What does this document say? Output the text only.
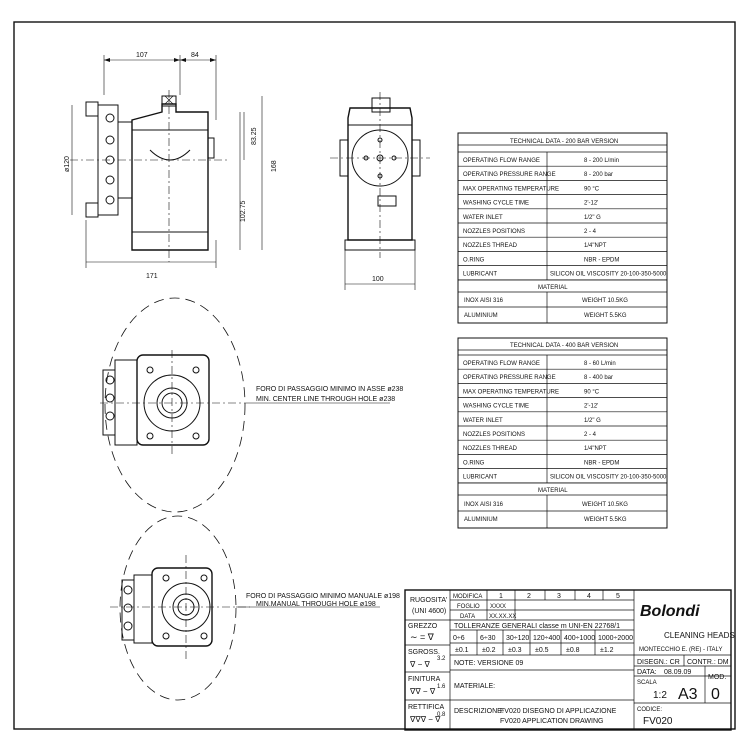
107	84
ø120
83.25
102.75
168
171	100
FORO DI PASSAGGIO MINIMO IN ASSE ø238
MIN. CENTER LINE THROUGH HOLE ø238
FORO DI PASSAGGIO MINIMO MANUALE ø198
MIN.MANUAL THROUGH HOLE ø198
TECHNICAL DATA - 200 BAR VERSION
OPERATING FLOW RANGE	8 - 200 L/min
OPERATING PRESSURE RANGE	8 - 200 bar
MAX OPERATING TEMPERATURE	90 °C
WASHING CYCLE TIME	2'-12'
WATER INLET	1/2" G
NOZZLES POSITIONS	2 - 4
NOZZLES THREAD	1/4"NPT
O.RING	NBR - EPDM
LUBRICANT	SILICON OIL VISCOSITY 20-100-350-5000
MATERIAL
INOX AISI 316	WEIGHT 10.5KG
ALUMINIUM	WEIGHT 5.5KG
TECHNICAL DATA - 400 BAR VERSION
OPERATING FLOW RANGE	8 - 60 L/min
OPERATING PRESSURE RANGE	8 - 400 bar
MAX OPERATING TEMPERATURE	90 °C
WASHING CYCLE TIME	2'-12'
WATER INLET	1/2" G
NOZZLES POSITIONS	2 - 4
NOZZLES THREAD	1/4"NPT
O.RING	NBR - EPDM
LUBRICANT	SILICON OIL VISCOSITY 20-100-350-5000
MATERIAL
INOX AISI 316	WEIGHT 10.5KG
ALUMINIUM	WEIGHT 5.5KG
RUGOSITA'
(UNI 4600)
GREZZO
∼ = ∇
SGROSS.
∇ − ∇
3.2
FINITURA
∇∇ − ∇ 1.6
RETTIFICA
∇∇∇ − ∇
0.8
MODIFICA 1	2	3	4	5
FOGLIO XXXX
DATA XX.XX.XX
TOLLERANZE GENERALI classe m UNI-EN 22768/1
0÷6 6÷30 30÷120 120÷400 400÷1000 1000÷2000
±0.1 ±0.2 ±0.3 ±0.5 ±0.8	±1.2
NOTE: VERSIONE 09
MATERIALE:
DESCRIZIONE:
FV020 DISEGNO DI APPLICAZIONE
FV020 APPLICATION DRAWING
Bolondi
CLEANING HEADS
MONTECCHIO E. (RE) - ITALY
DISEGN.: CR CONTR.: DM
DATA: 08.09.09
MOD.
SCALA
1:2 A3 0
CODICE:
FV020
